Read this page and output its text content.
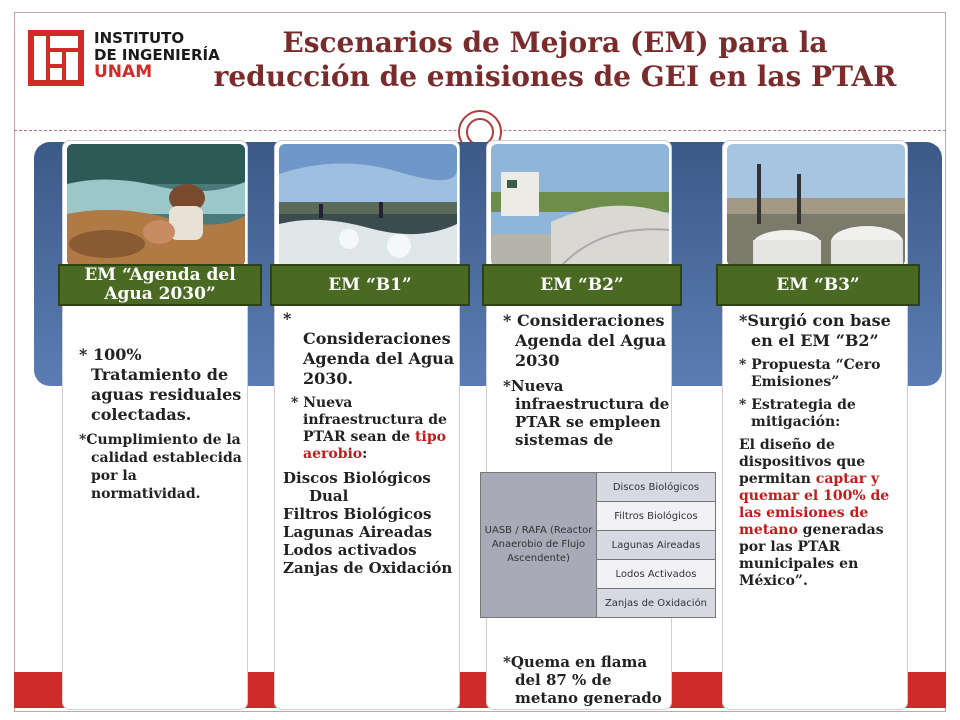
INSTITUTO
DE INGENIERÍA
UNAM
Escenarios de Mejora (EM) para la
reducción de emisiones de GEI en las PTAR

* 100% Tratamiento de aguas residuales colectadas.

*Cumplimiento de la calidad establecida por la normatividad.

EM “Agenda del
Agua 2030”

*

Consideraciones Agenda del Agua 2030.

* Nueva infraestructura de PTAR sean de tipo aerobio:

Discos Biológicos Dual
Filtros Biológicos
Lagunas Aireadas
Lodos activados
Zanjas de Oxidación
EM “B1”

* Consideraciones Agenda del Agua 2030

*Nueva infraestructura de PTAR se empleen sistemas de

*Quema en flama del 87 % de metano generado

EM “B2”
UASB / RAFA (Reactor Anaerobio de Flujo Ascendente)	Discos Biológicos
Filtros Biológicos
Lagunas Aireadas
Lodos Activados
Zanjas de Oxidación

*Surgió con base en el EM “B2”

* Propuesta “Cero Emisiones”

* Estrategia de mitigación:

El diseño de dispositivos que permitan captar y quemar el 100% de las emisiones de metano generadas por las PTAR municipales en México”.

EM “B3”
